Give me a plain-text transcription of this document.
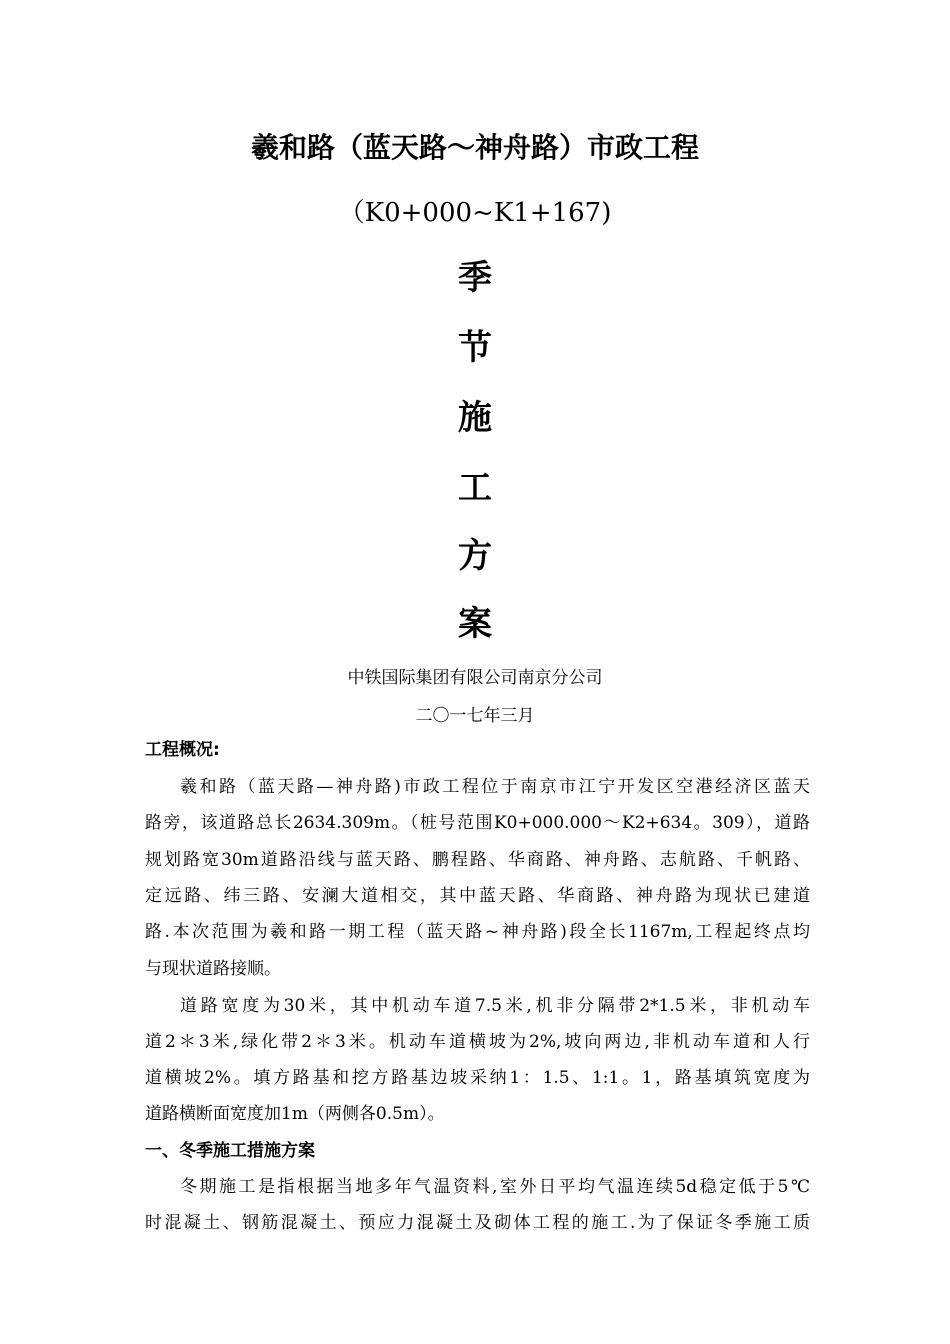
羲和路（蓝天路～神舟路）市政工程
（K0+000~K1+167)
季
节
施
工
方
案
中铁国际集团有限公司南京分公司
二〇一七年三月
工程概况:
羲和路（蓝天路—神舟路)市政工程位于南京市江宁开发区空港经济区蓝天
路旁，该道路总长2634.309m。（桩号范围K0+000.000～K2+634。309），道路
规划路宽30m道路沿线与蓝天路、鹏程路、华商路、神舟路、志航路、千帆路、
定远路、纬三路、安澜大道相交，其中蓝天路、华商路、神舟路为现状已建道
路.本次范围为羲和路一期工程（蓝天路~神舟路)段全长1167m,工程起终点均
与现状道路接顺。
道路宽度为30米，其中机动车道7.5米,机非分隔带2*1.5米，非机动车
道2＊3米,绿化带2＊3米。机动车道横坡为2%,坡向两边,非机动车道和人行
道横坡2%。填方路基和挖方路基边坡采纳1：1.5、1:1。1，路基填筑宽度为
道路横断面宽度加1m（两侧各0.5m）。
一、冬季施工措施方案
冬期施工是指根据当地多年气温资料,室外日平均气温连续5d稳定低于5℃
时混凝土、钢筋混凝土、预应力混凝土及砌体工程的施工.为了保证冬季施工质
